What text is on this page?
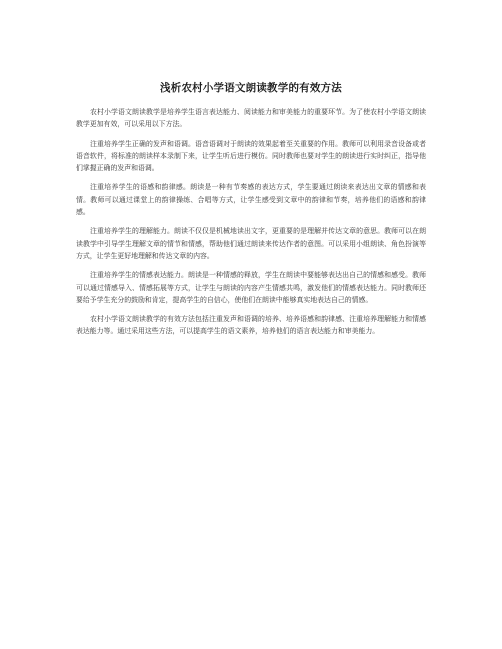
浅析农村小学语文朗读教学的有效方法

农村小学语文朗读教学是培养学生语言表达能力、阅读能力和审美能力的重要环节。为了使农村小学语文朗读教学更加有效，可以采用以下方法。

注重培养学生正确的发声和语调。语音语调对于朗读的效果起着至关重要的作用。教师可以利用录音设备或者语音软件，将标准的朗读样本录制下来，让学生听后进行模仿。同时教师也要对学生的朗读进行实时纠正，指导他们掌握正确的发声和语调。

注重培养学生的语感和韵律感。朗读是一种有节奏感的表达方式，学生要通过朗读来表达出文章的情感和表情。教师可以通过课堂上的韵律操练、合唱等方式，让学生感受到文章中的韵律和节奏，培养他们的语感和韵律感。

注重培养学生的理解能力。朗读不仅仅是机械地读出文字，更重要的是理解并传达文章的意思。教师可以在朗读教学中引导学生理解文章的情节和情感，帮助他们通过朗读来传达作者的意图。可以采用小组朗读、角色扮演等方式，让学生更好地理解和传达文章的内容。

注重培养学生的情感表达能力。朗读是一种情感的释放，学生在朗读中要能够表达出自己的情感和感受。教师可以通过情感导入、情感拓展等方式，让学生与朗读的内容产生情感共鸣，激发他们的情感表达能力。同时教师还要给予学生充分的鼓励和肯定，提高学生的自信心，使他们在朗读中能够真实地表达自己的情感。

农村小学语文朗读教学的有效方法包括注重发声和语调的培养、培养语感和韵律感、注重培养理解能力和情感表达能力等。通过采用这些方法，可以提高学生的语文素养，培养他们的语言表达能力和审美能力。
